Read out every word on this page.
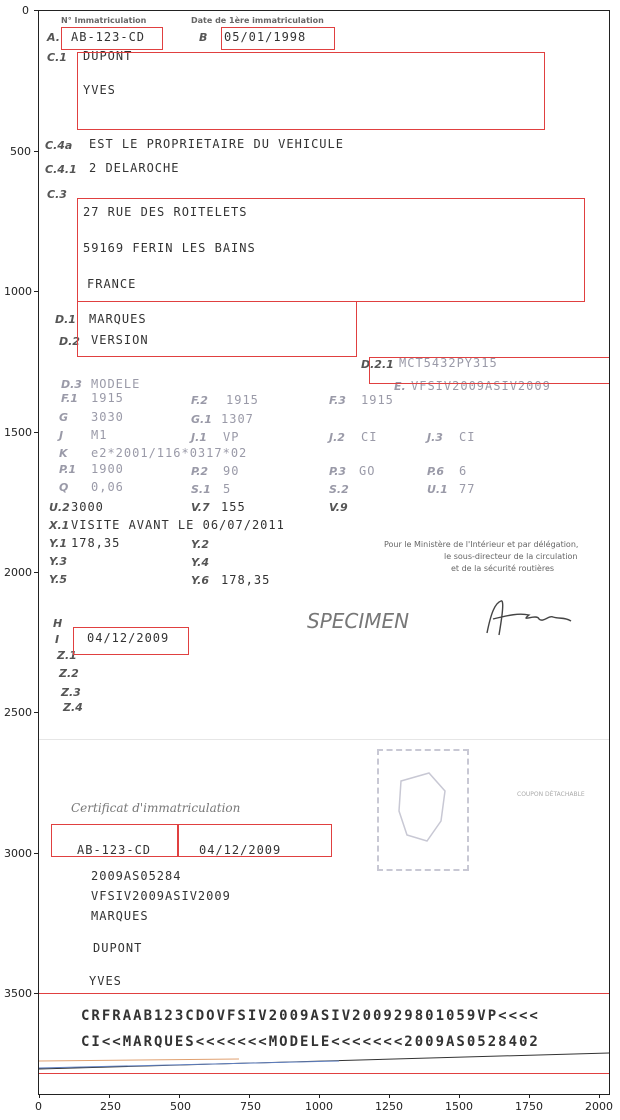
0
500
1000
1500
2000
2500
3000
3500
0	250	500	750	1000	1250	1500	1750	2000
N° Immatriculation	Date de 1ère immatriculation
A. AB-123-CD	B 05/01/1998
C.1 DUPONT
YVES
C.4a EST LE PROPRIETAIRE DU VEHICULE
C.4.1 2 DELAROCHE
C.3
27 RUE DES ROITELETS
59169 FERIN LES BAINS
FRANCE
D.1 MARQUES
D.2 VERSION
D.2.1 MCT5432PY315
D.3 MODELE	E. VFSIV2009ASIV2009
F.1 1915	F.2 1915	F.3 1915
G 3030	G.1 1307
J M1	J.1 VP	J.2 CI	J.3 CI
K e2*2001/116*0317*02
P.1 1900	P.2 90	P.3 GO	P.6 6
Q 0,06	S.1 5	S.2	U.1 77
U.2 3000	V.7 155	V.9
X.1 VISITE AVANT LE 06/07/2011
Y.1 178,35	Y.2
Y.3	Y.4
Y.5	Y.6 178,35
Pour le Ministère de l'Intérieur et par délégation,
le sous-directeur de la circulation
et de la sécurité routières
H
I 04/12/2009
SPECIMEN
Z.1
Z.2
Z.3
Z.4
COUPON DÉTACHABLE
Certificat d'immatriculation
AB-123-CD	04/12/2009
2009AS05284
VFSIV2009ASIV2009
MARQUES
DUPONT
YVES
CRFRAAB123CDOVFSIV2009ASIV200929801059VP<<<<
CI<<MARQUES<<<<<<<MODELE<<<<<<<2009AS0528402
